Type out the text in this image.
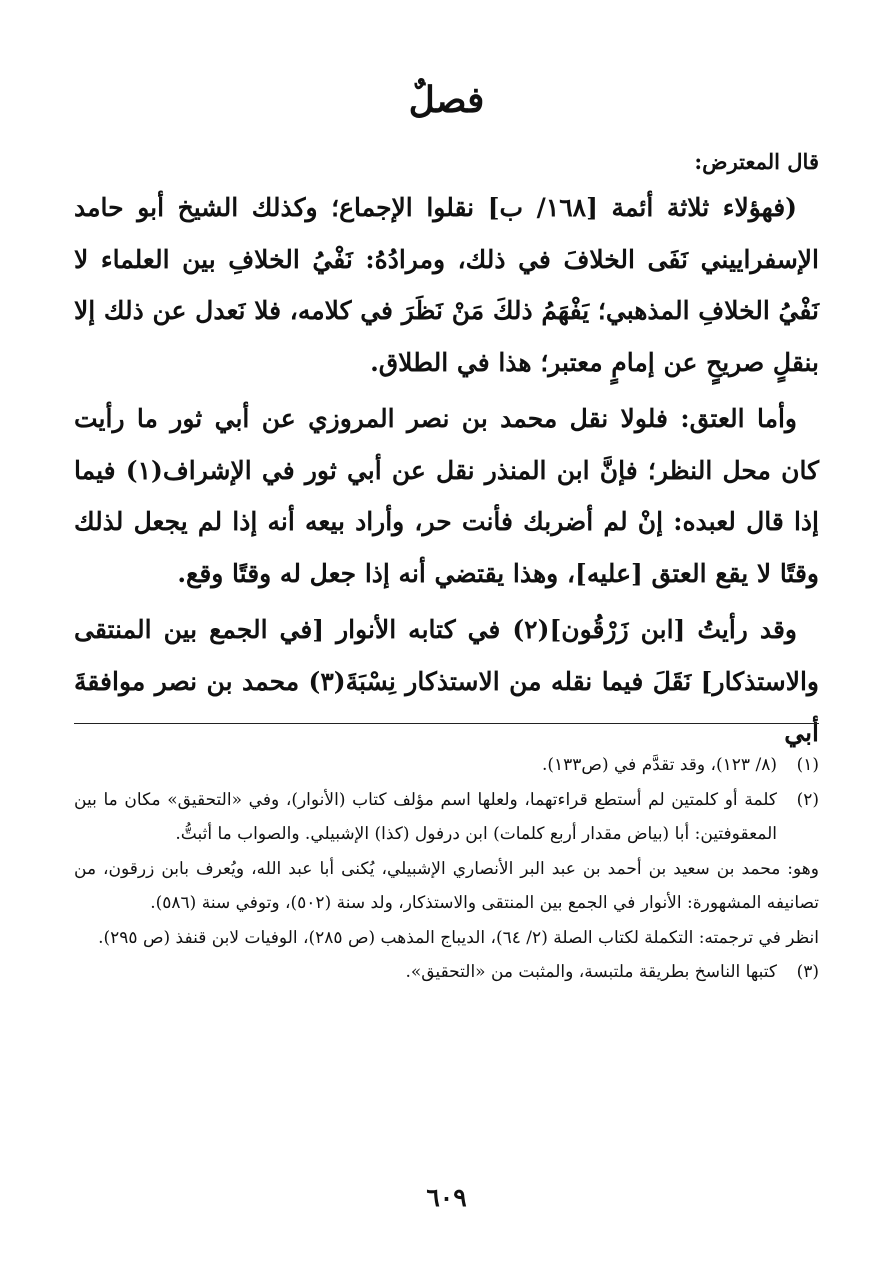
فصلٌ

قال المعترض:

(فهؤلاء ثلاثة أئمة [١٦٨/ ب] نقلوا الإجماع؛ وكذلك الشيخ أبو حامد الإسفراييني نَفَى الخلافَ في ذلك، ومرادُهُ: نَفْيُ الخلافِ بين العلماء لا نَفْيُ الخلافِ المذهبي؛ يَفْهَمُ ذلكَ مَنْ نَظَرَ في كلامه، فلا نَعدل عن ذلك إلا بنقلٍ صريحٍ عن إمامٍ معتبر؛ هذا في الطلاق.

وأما العتق: فلولا نقل محمد بن نصر المروزي عن أبي ثور ما رأيت كان محل النظر؛ فإنَّ ابن المنذر نقل عن أبي ثور في الإشراف(١) فيما إذا قال لعبده: إنْ لم أضربك فأنت حر، وأراد بيعه أنه إذا لم يجعل لذلك وقتًا لا يقع العتق [عليه]، وهذا يقتضي أنه إذا جعل له وقتًا وقع.

وقد رأيتُ [ابن زَرْقُون](٢) في كتابه الأنوار [في الجمع بين المنتقى والاستذكار] نَقَلَ فيما نقله من الاستذكار نِسْبَةَ(٣) محمد بن نصر موافقةَ أبي

(١)
(٨/ ١٢٣)، وقد تقدَّم في (ص١٣٣).
(٢)
كلمة أو كلمتين لم أستطع قراءتهما، ولعلها اسم مؤلف كتاب (الأنوار)، وفي «التحقيق» مكان ما بين المعقوفتين: أبا (بياض مقدار أربع كلمات) ابن درفول (كذا) الإشبيلي. والصواب ما أثبتُّ.

وهو: محمد بن سعيد بن أحمد بن عبد البر الأنصاري الإشبيلي، يُكنى أبا عبد الله، ويُعرف بابن زرقون، من تصانيفه المشهورة: الأنوار في الجمع بين المنتقى والاستذكار، ولد سنة (٥٠٢)، وتوفي سنة (٥٨٦).

انظر في ترجمته: التكملة لكتاب الصلة (٢/ ٦٤)، الديباج المذهب (ص ٢٨٥)، الوفيات لابن قنفذ (ص ٢٩٥).

(٣)
كتبها الناسخ بطريقة ملتبسة، والمثبت من «التحقيق».
٦٠٩
